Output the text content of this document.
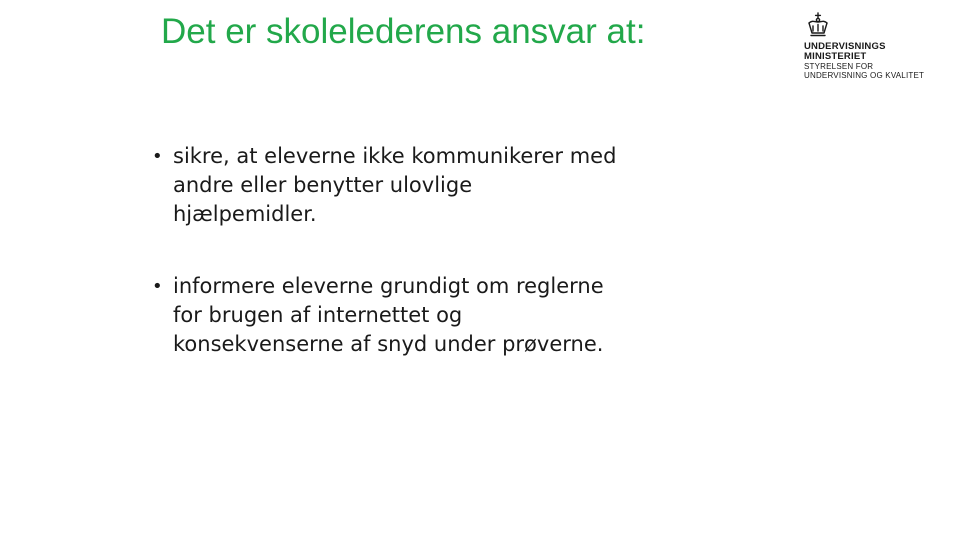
Det er skolelederens ansvar at:
• sikre, at eleverne ikke kommunikerer med andre eller benytter ulovlige hjælpemidler.
• informere eleverne grundigt om reglerne for brugen af internettet og konsekvenserne af snyd under prøverne.
UNDERVISNINGS
MINISTERIET
STYRELSEN FOR
UNDERVISNING OG KVALITET
